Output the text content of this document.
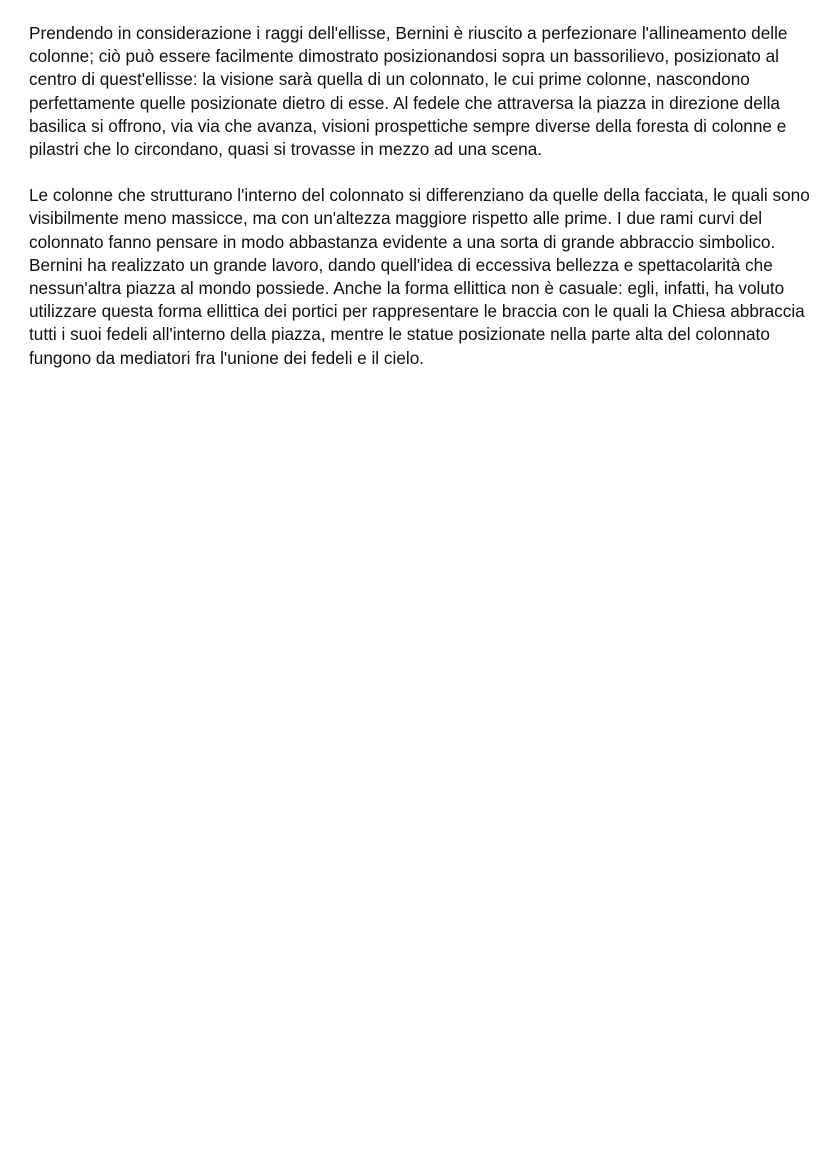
Prendendo in considerazione i raggi dell'ellisse, Bernini è riuscito a perfezionare l'allineamento delle colonne; ciò può essere facilmente dimostrato posizionandosi sopra un bassorilievo, posizionato al centro di quest'ellisse: la visione sarà quella di un colonnato, le cui prime colonne, nascondono perfettamente quelle posizionate dietro di esse. Al fedele che attraversa la piazza in direzione della basilica si offrono, via via che avanza, visioni prospettiche sempre diverse della foresta di colonne e pilastri che lo circondano, quasi si trovasse in mezzo ad una scena.

Le colonne che strutturano l'interno del colonnato si differenziano da quelle della facciata, le quali sono visibilmente meno massicce, ma con un'altezza maggiore rispetto alle prime. I due rami curvi del colonnato fanno pensare in modo abbastanza evidente a una sorta di grande abbraccio simbolico. Bernini ha realizzato un grande lavoro, dando quell'idea di eccessiva bellezza e spettacolarità che nessun'altra piazza al mondo possiede. Anche la forma ellittica non è casuale: egli, infatti, ha voluto utilizzare questa forma ellittica dei portici per rappresentare le braccia con le quali la Chiesa abbraccia tutti i suoi fedeli all'interno della piazza, mentre le statue posizionate nella parte alta del colonnato fungono da mediatori fra l'unione dei fedeli e il cielo.
